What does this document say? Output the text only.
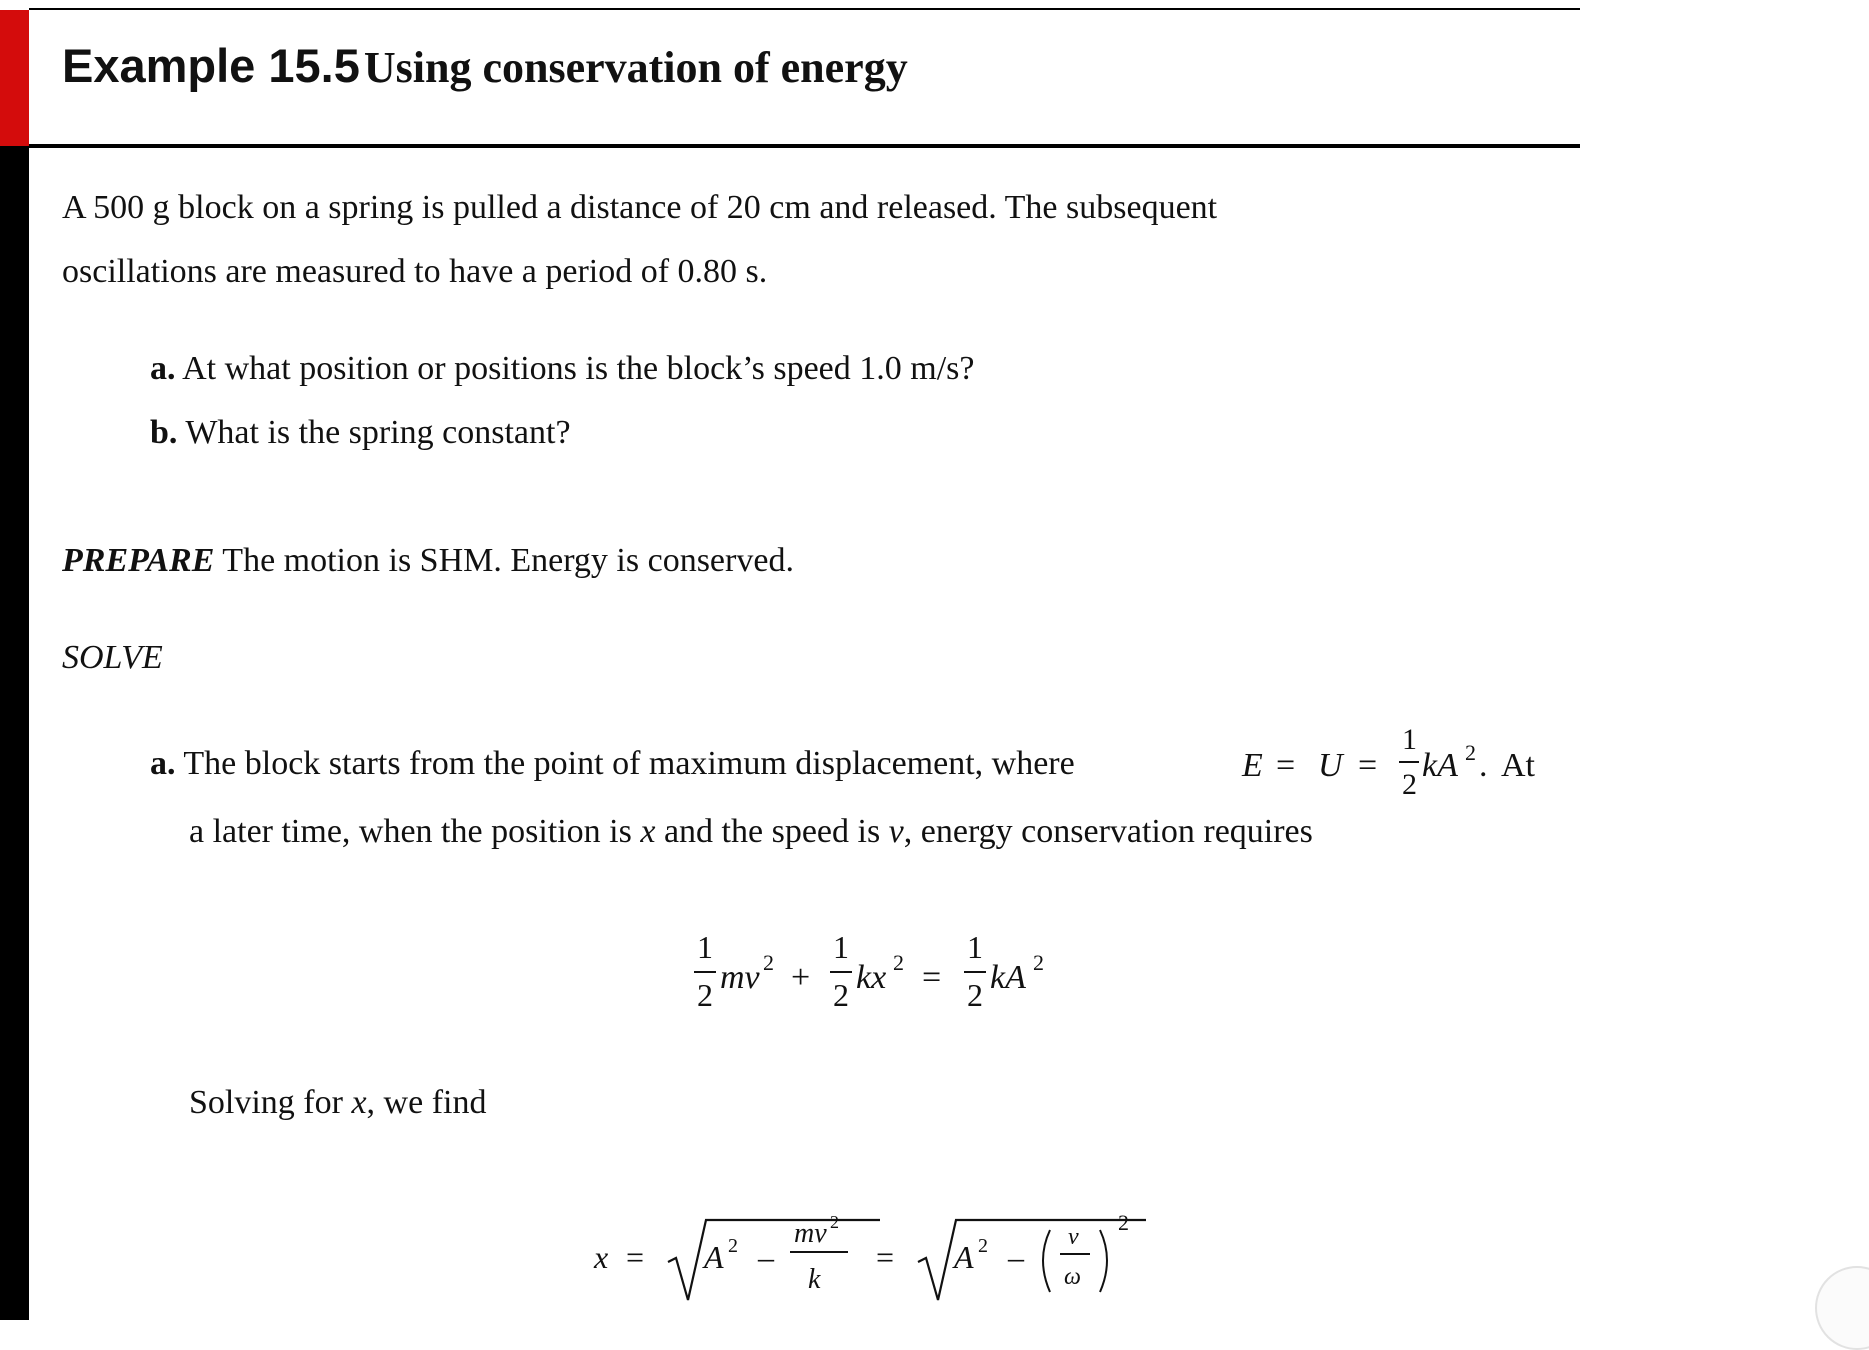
Example 15.5 Using conservation of energy
A 500 g block on a spring is pulled a distance of 20 cm and released. The subsequent
oscillations are measured to have a period of 0.80 s.
a. At what position or positions is the block’s speed 1.0 m/s?
b. What is the spring constant?
PREPARE The motion is SHM. Energy is conserved.
SOLVE
a. The block starts from the point of maximum displacement, where	E = U =
1
2
kA 2 . At
a later time, when the position is x and the speed is v, energy conservation requires
1
2 mv 2 +
1
2 kx 2 =
1
2 kA 2
Solving for x, we find
x = A 2 –
mv 2
k
= A 2 –
v
ω
2
